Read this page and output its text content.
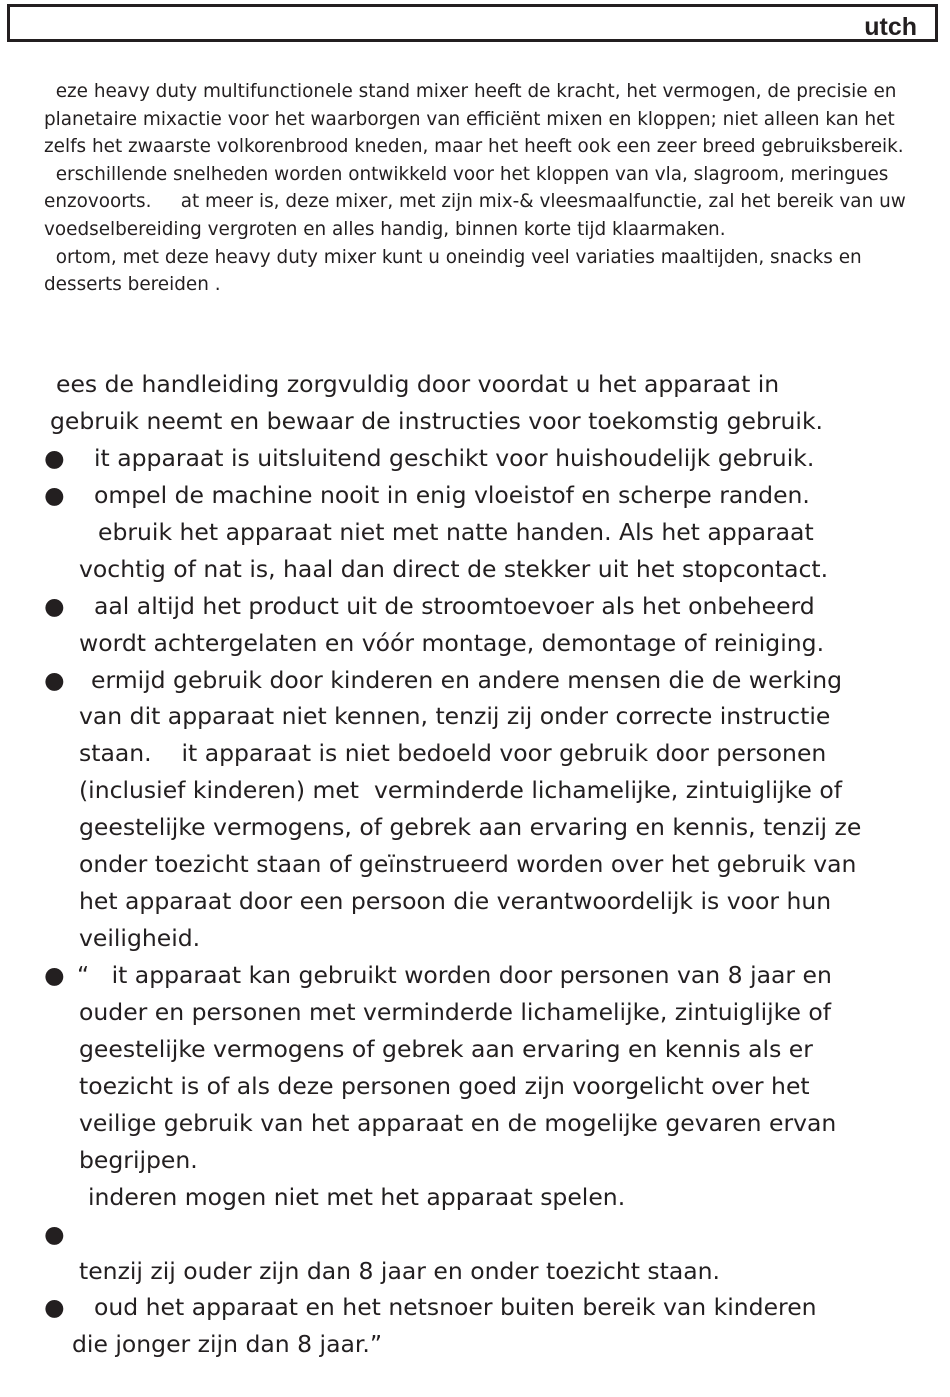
utch
eze heavy duty multifunctionele stand mixer heeft de kracht, het vermogen, de precisie en
planetaire mixactie voor het waarborgen van efficiënt mixen en kloppen; niet alleen kan het
zelfs het zwaarste volkorenbrood kneden, maar het heeft ook een zeer breed gebruiksbereik.
erschillende snelheden worden ontwikkeld voor het kloppen van vla, slagroom, meringues
enzovoorts.     at meer is, deze mixer, met zijn mix-& vleesmaalfunctie, zal het bereik van uw
voedselbereiding vergroten en alles handig, binnen korte tijd klaarmaken.
ortom, met deze heavy duty mixer kunt u oneindig veel variaties maaltijden, snacks en
desserts bereiden .
ees de handleiding zorgvuldig door voordat u het apparaat in
gebruik neemt en bewaar de instructies voor toekomstig gebruik.
● it apparaat is uitsluitend geschikt voor huishoudelijk gebruik.
● ompel de machine nooit in enig vloeistof en scherpe randen.
ebruik het apparaat niet met natte handen. Als het apparaat
vochtig of nat is, haal dan direct de stekker uit het stopcontact.
● aal altijd het product uit de stroomtoevoer als het onbeheerd
wordt achtergelaten en vóór montage, demontage of reiniging.
● ermijd gebruik door kinderen en andere mensen die de werking
van dit apparaat niet kennen, tenzij zij onder correcte instructie
staan.    it apparaat is niet bedoeld voor gebruik door personen
(inclusief kinderen) met  verminderde lichamelijke, zintuiglijke of
geestelijke vermogens, of gebrek aan ervaring en kennis, tenzij ze
onder toezicht staan of geïnstrueerd worden over het gebruik van
het apparaat door een persoon die verantwoordelijk is voor hun
veiligheid.
● “   it apparaat kan gebruikt worden door personen van 8 jaar en
ouder en personen met verminderde lichamelijke, zintuiglijke of
geestelijke vermogens of gebrek aan ervaring en kennis als er
toezicht is of als deze personen goed zijn voorgelicht over het
veilige gebruik van het apparaat en de mogelijke gevaren ervan
begrijpen.
inderen mogen niet met het apparaat spelen.
●
tenzij zij ouder zijn dan 8 jaar en onder toezicht staan.
● oud het apparaat en het netsnoer buiten bereik van kinderen
die jonger zijn dan 8 jaar.”
